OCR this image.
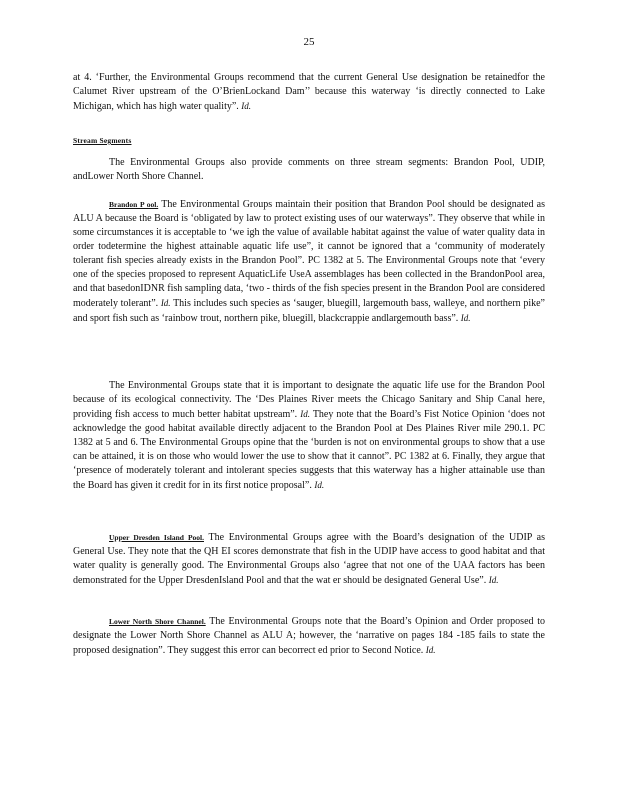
25

at 4. ‘Further, the Environmental Groups recommend that the current General Use designation be retainedfor the Calumet River upstream of the O’BrienLockand Dam’’ because this waterway ‘is directly connected to Lake Michigan, which has high water quality”. Id.

Stream Segments

The Environmental Groups also provide comments on three stream segments: Brandon Pool, UDIP, andLower North Shore Channel.

Brandon P ool. The Environmental Groups maintain their position that Brandon Pool should be designated as ALU A because the Board is ‘obligated by law to protect existing uses of our waterways”. They observe that while in some circumstances it is acceptable to ‘we igh the value of available habitat against the value of water quality data in order todetermine the highest attainable aquatic life use”, it cannot be ignored that a ‘community of moderately tolerant fish species already exists in the Brandon Pool”. PC 1382 at 5. The Environmental Groups note that ‘every one of the species proposed to represent AquaticLife UseA assemblages has been collected in the BrandonPool area, and that basedonIDNR fish sampling data, ‘two - thirds of the fish species present in the Brandon Pool are considered moderately tolerant”. Id. This includes such species as ‘sauger, bluegill, largemouth bass, walleye, and northern pike” and sport fish such as ‘rainbow trout, northern pike, bluegill, blackcrappie andlargemouth bass”. Id.

The Environmental Groups state that it is important to designate the aquatic life use for the Brandon Pool because of its ecological connectivity. The ‘Des Plaines River meets the Chicago Sanitary and Ship Canal here, providing fish access to much better habitat upstream”. Id. They note that the Board’s Fist Notice Opinion ‘does not acknowledge the good habitat available directly adjacent to the Brandon Pool at Des Plaines River mile 290.1. PC 1382 at 5 and 6. The Environmental Groups opine that the ‘burden is not on environmental groups to show that a use can be attained, it is on those who would lower the use to show that it cannot”. PC 1382 at 6. Finally, they argue that ‘presence of moderately tolerant and intolerant species suggests that this waterway has a higher attainable use than the Board has given it credit for in its first notice proposal”. Id.

Upper Dresden Island Pool. The Environmental Groups agree with the Board’s designation of the UDIP as General Use. They note that the QH EI scores demonstrate that fish in the UDIP have access to good habitat and that water quality is generally good. The Environmental Groups also ‘agree that not one of the UAA factors has been demonstrated for the Upper DresdenIsland Pool and that the wat er should be designated General Use”. Id.

Lower North Shore Channel. The Environmental Groups note that the Board’s Opinion and Order proposed to designate the Lower North Shore Channel as ALU A; however, the ‘narrative on pages 184 -185 fails to state the proposed designation”. They suggest this error can becorrect ed prior to Second Notice. Id.
